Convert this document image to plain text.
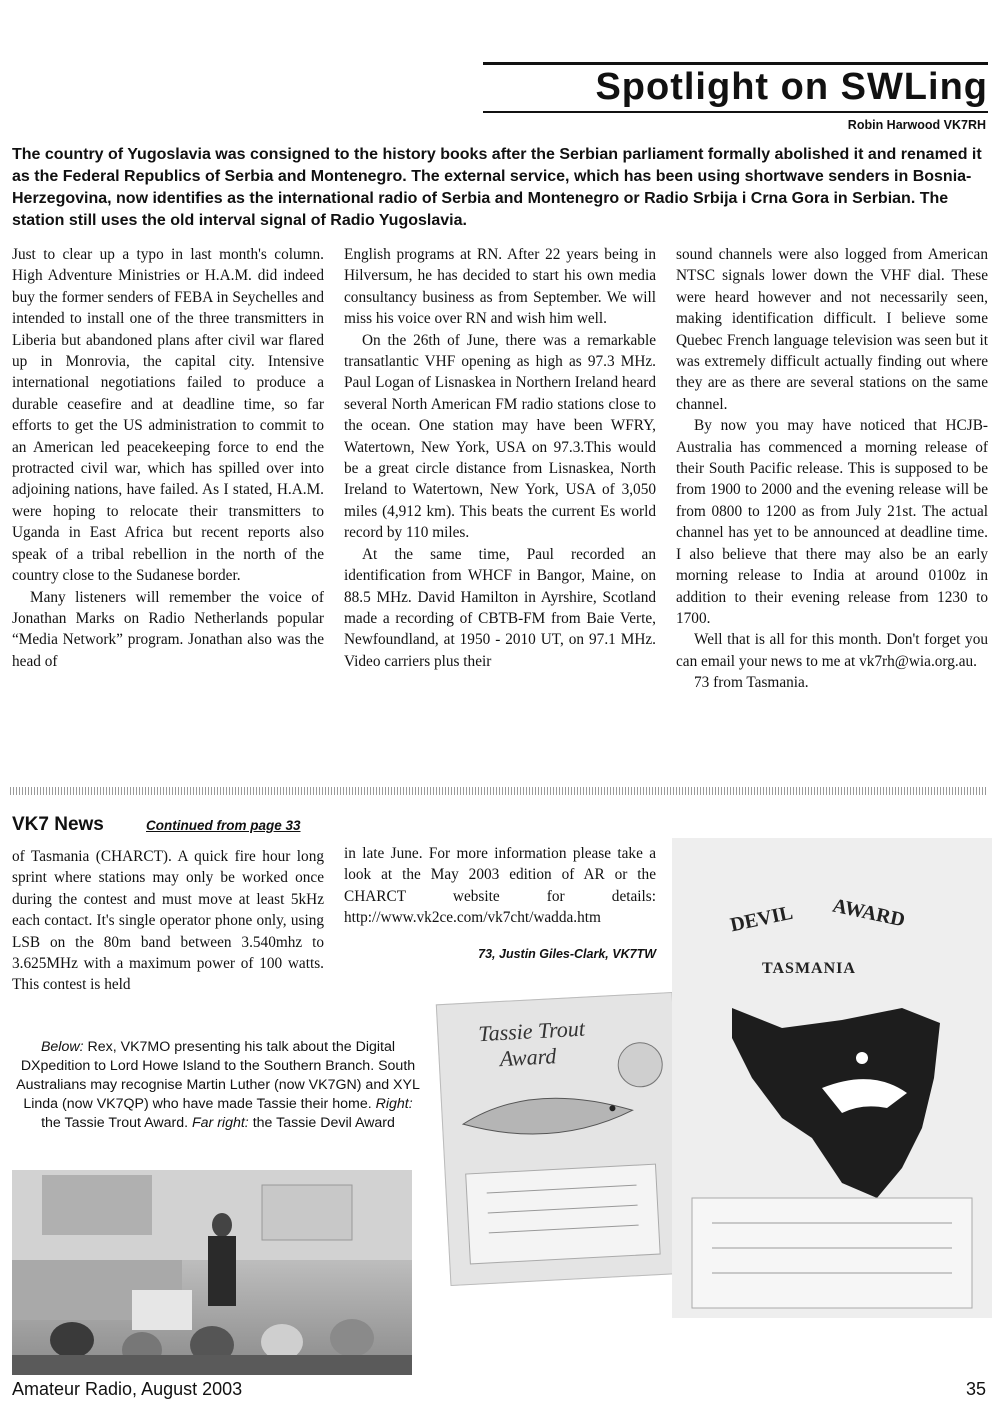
Spotlight on SWLing
Robin Harwood VK7RH
The country of Yugoslavia was consigned to the history books after the Serbian parliament formally abolished it and renamed it as the Federal Republics of Serbia and Montenegro. The external service, which has been using shortwave senders in Bosnia- Herzegovina, now identifies as the international radio of Serbia and Montenegro or Radio Srbija i Crna Gora in Serbian. The station still uses the old interval signal of Radio Yugoslavia.

Just to clear up a typo in last month's column. High Adventure Ministries or H.A.M. did indeed buy the former senders of FEBA in Seychelles and intended to install one of the three transmitters in Liberia but abandoned plans after civil war flared up in Monrovia, the capital city. Intensive international negotiations failed to produce a durable ceasefire and at deadline time, so far efforts to get the US administration to commit to an American led peacekeeping force to end the protracted civil war, which has spilled over into adjoining nations, have failed. As I stated, H.A.M. were hoping to relocate their transmitters to Uganda in East Africa but recent reports also speak of a tribal rebellion in the north of the country close to the Sudanese border.

Many listeners will remember the voice of Jonathan Marks on Radio Netherlands popular “Media Network” program. Jonathan also was the head of

English programs at RN. After 22 years being in Hilversum, he has decided to start his own media consultancy business as from September. We will miss his voice over RN and wish him well.

On the 26th of June, there was a remarkable transatlantic VHF opening as high as 97.3 MHz. Paul Logan of Lisnaskea in Northern Ireland heard several North American FM radio stations close to the ocean. One station may have been WFRY, Watertown, New York, USA on 97.3.This would be a great circle distance from Lisnaskea, North Ireland to Watertown, New York, USA of 3,050 miles (4,912 km). This beats the current Es world record by 110 miles.

At the same time, Paul recorded an identification from WHCF in Bangor, Maine, on 88.5 MHz. David Hamilton in Ayrshire, Scotland made a recording of CBTB-FM from Baie Verte, Newfoundland, at 1950 - 2010 UT, on 97.1 MHz. Video carriers plus their

sound channels were also logged from American NTSC signals lower down the VHF dial. These were heard however and not necessarily seen, making identification difficult. I believe some Quebec French language television was seen but it was extremely difficult actually finding out where they are as there are several stations on the same channel.

By now you may have noticed that HCJB-Australia has commenced a morning release of their South Pacific release. This is supposed to be from 1900 to 2000 and the evening release will be from 0800 to 1200 as from July 21st. The actual channel has yet to be announced at deadline time. I also believe that there may also be an early morning release to India at around 0100z in addition to their evening release from 1230 to 1700.

Well that is all for this month. Don't forget you can email your news to me at vk7rh@wia.org.au.

73 from Tasmania.

VK7 News	Continued from page 33
of Tasmania (CHARCT). A quick fire hour long sprint where stations may only be worked once during the contest and must move at least 5kHz each contact. It's single operator phone only, using LSB on the 80m band between 3.540mhz to 3.625MHz with a maximum power of 100 watts. This contest is held
in late June. For more information please take a look at the May 2003 edition of AR or the CHARCT website for details: http://www.vk2ce.com/vk7cht/wadda.htm
73, Justin Giles-Clark, VK7TW
Below: Rex, VK7MO presenting his talk about the Digital DXpedition to Lord Howe Island to the Southern Branch. South Australians may recognise Martin Luther (now VK7GN) and XYL Linda (now VK7QP) who have made Tassie their home. Right: the Tassie Trout Award. Far right: the Tassie Devil Award
Tassie Trout
Award
DEVIL AWARD
TASMANIA
Amateur Radio, August 2003	35
